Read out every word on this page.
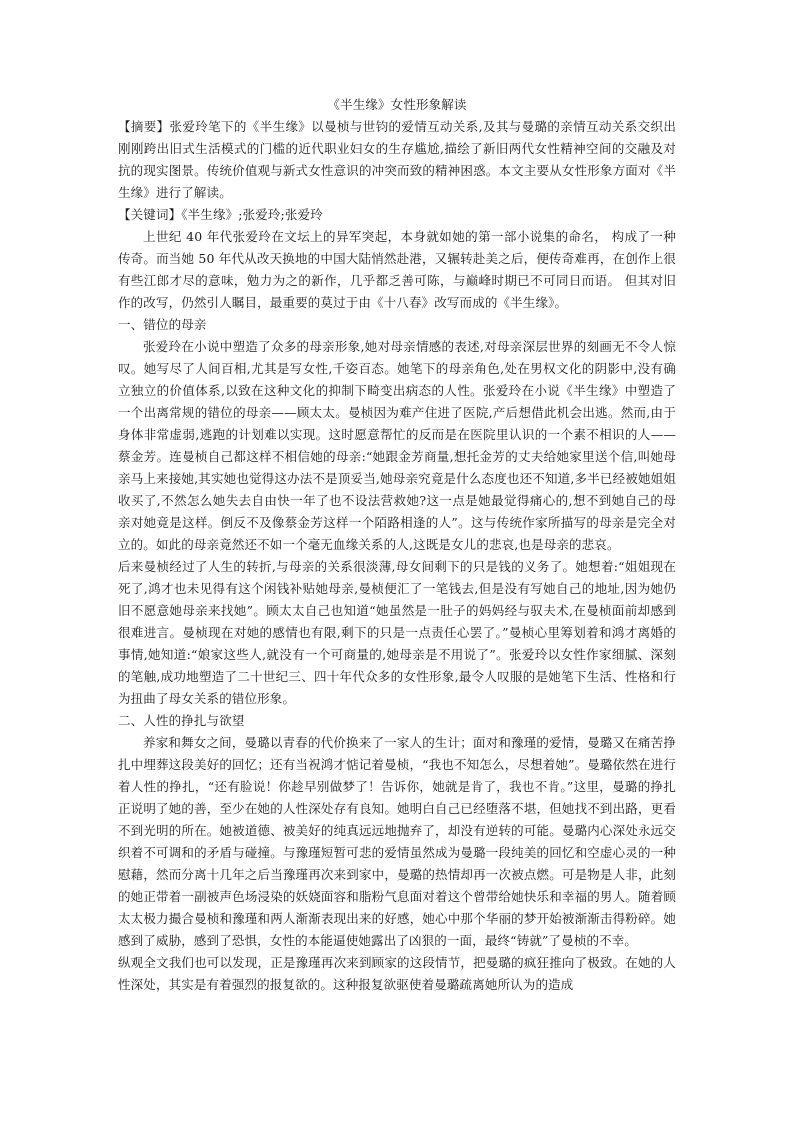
《半生缘》女性形象解读

【摘要】张爱玲笔下的《半生缘》以曼桢与世钧的爱情互动关系,及其与曼璐的亲情互动关系交织出刚刚跨出旧式生活模式的门槛的近代职业妇女的生存尴尬,描绘了新旧两代女性精神空间的交融及对抗的现实图景。传统价值观与新式女性意识的冲突而致的精神困惑。本文主要从女性形象方面对《半生缘》进行了解读。

【关键词】《半生缘》;张爱玲;张爱玲

上世纪 40 年代张爱玲在文坛上的异军突起，本身就如她的第一部小说集的命名， 构成了一种传奇。而当她 50 年代从改天换地的中国大陆悄然赴港，又辗转赴美之后，便传奇难再，在创作上很有些江郎才尽的意味，勉力为之的新作，几乎都乏善可陈，与巅峰时期已不可同日而语。 但其对旧作的改写，仍然引人瞩目，最重要的莫过于由《十八春》改写而成的《半生缘》。

一、错位的母亲

张爱玲在小说中塑造了众多的母亲形象,她对母亲情感的表述,对母亲深层世界的刻画无不令人惊叹。她写尽了人间百相,尤其是写女性,千姿百态。她笔下的母亲角色,处在男权文化的阴影中,没有确立独立的价值体系,以致在这种文化的抑制下畸变出病态的人性。张爱玲在小说《半生缘》中塑造了一个出离常规的错位的母亲——顾太太。曼桢因为难产住进了医院,产后想借此机会出逃。然而,由于身体非常虚弱,逃跑的计划难以实现。这时愿意帮忙的反而是在医院里认识的一个素不相识的人——蔡金芳。连曼桢自己都这样不相信她的母亲:“她跟金芳商量,想托金芳的丈夫给她家里送个信,叫她母亲马上来接她,其实她也觉得这办法不是顶妥当,她母亲究竟是什么态度也还不知道,多半已经被她姐姐收买了,不然怎么她失去自由快一年了也不设法营救她?这一点是她最觉得痛心的,想不到她自己的母亲对她竟是这样。倒反不及像蔡金芳这样一个陌路相逢的人”。这与传统作家所描写的母亲是完全对立的。如此的母亲竟然还不如一个毫无血缘关系的人,这既是女儿的悲哀,也是母亲的悲哀。

后来曼桢经过了人生的转折,与母亲的关系很淡薄,母女间剩下的只是钱的义务了。她想着:“姐姐现在死了,鸿才也未见得有这个闲钱补贴她母亲,曼桢便汇了一笔钱去,但是没有写她自己的地址,因为她仍旧不愿意她母亲来找她”。顾太太自己也知道“她虽然是一肚子的妈妈经与驭夫术,在曼桢面前却感到很难进言。曼桢现在对她的感情也有限,剩下的只是一点责任心罢了。”曼桢心里筹划着和鸿才离婚的事情,她知道:“娘家这些人,就没有一个可商量的,她母亲是不用说了”。张爱玲以女性作家细腻、深刻的笔触,成功地塑造了二十世纪三、四十年代众多的女性形象,最令人叹服的是她笔下生活、性格和行为扭曲了母女关系的错位形象。

二、人性的挣扎与欲望

养家和舞女之间，曼璐以青春的代价换来了一家人的生计；面对和豫瑾的爱情，曼璐又在痛苦挣扎中埋葬这段美好的回忆；还有当祝鸿才惦记着曼桢，“我也不知怎么，尽想着她”。曼璐依然在进行着人性的挣扎，“还有脸说！你趁早别做梦了！告诉你，她就是肯了，我也不肯。”这里，曼璐的挣扎正说明了她的善，至少在她的人性深处存有良知。她明白自己已经堕落不堪，但她找不到出路，更看不到光明的所在。她被道德、被美好的纯真远远地抛弃了，却没有逆转的可能。曼璐内心深处永远交织着不可调和的矛盾与碰撞。与豫瑾短暂可悲的爱情虽然成为曼璐一段纯美的回忆和空虚心灵的一种慰藉，然而分离十几年之后当豫瑾再次来到家中，曼璐的热情却再一次被点燃。可是物是人非，此刻的她正带着一副被声色场浸染的妖娆面容和脂粉气息面对着这个曾带给她快乐和幸福的男人。随着顾太太极力撮合曼桢和豫瑾和两人渐渐表现出来的好感，她心中那个华丽的梦开始被渐渐击得粉碎。她感到了威胁，感到了恐惧，女性的本能逼使她露出了凶狠的一面，最终“铸就”了曼桢的不幸。

纵观全文我们也可以发现，正是豫瑾再次来到顾家的这段情节，把曼璐的疯狂推向了极致。在她的人性深处，其实是有着强烈的报复欲的。这种报复欲驱使着曼璐疏离她所认为的造成
